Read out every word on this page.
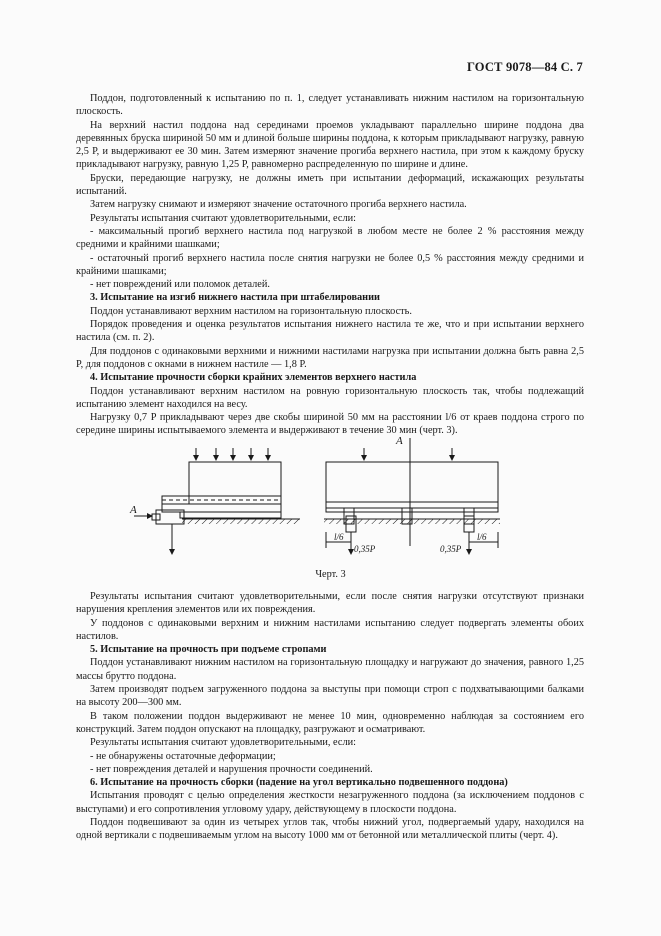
ГОСТ 9078—84 С. 7

Поддон, подготовленный к испытанию по п. 1, следует устанавливать нижним настилом на горизонтальную плоскость.

На верхний настил поддона над серединами проемов укладывают параллельно ширине поддона два деревянных бруска шириной 50 мм и длиной больше ширины поддона, к которым прикладывают нагрузку, равную 2,5 P, и выдерживают ее 30 мин. Затем измеряют значение прогиба верхнего настила, при этом к каждому бруску прикладывают нагрузку, равную 1,25 P, равномерно распределенную по ширине и длине.

Бруски, передающие нагрузку, не должны иметь при испытании деформаций, искажающих результаты испытаний.

Затем нагрузку снимают и измеряют значение остаточного прогиба верхнего настила.

Результаты испытания считают удовлетворительными, если:

- максимальный прогиб верхнего настила под нагрузкой в любом месте не более 2 % расстояния между средними и крайними шашками;

- остаточный прогиб верхнего настила после снятия нагрузки не более 0,5 % расстояния между средними и крайними шашками;

- нет повреждений или поломок деталей.

3. Испытание на изгиб нижнего настила при штабелировании

Поддон устанавливают верхним настилом на горизонтальную плоскость.

Порядок проведения и оценка результатов испытания нижнего настила те же, что и при испытании верхнего настила (см. п. 2).

Для поддонов с одинаковыми верхними и нижними настилами нагрузка при испытании должна быть равна 2,5 P, для поддонов с окнами в нижнем настиле — 1,8 P.

4. Испытание прочности сборки крайних элементов верхнего настила

Поддон устанавливают верхним настилом на ровную горизонтальную плоскость так, чтобы подлежащий испытанию элемент находился на весу.

Нагрузку 0,7 P прикладывают через две скобы шириной 50 мм на расстоянии l/6 от краев поддона строго по середине ширины испытываемого элемента и выдерживают в течение 30 мин (черт. 3).

A
A
l/6	l/6
0,35P	0,35P
Черт. 3

Результаты испытания считают удовлетворительными, если после снятия нагрузки отсутствуют признаки нарушения крепления элементов или их повреждения.

У поддонов с одинаковыми верхним и нижним настилами испытанию следует подвергать элементы обоих настилов.

5. Испытание на прочность при подъеме стропами

Поддон устанавливают нижним настилом на горизонтальную площадку и нагружают до значения, равного 1,25 массы брутто поддона.

Затем производят подъем загруженного поддона за выступы при помощи строп с подхватывающими балками на высоту 200—300 мм.

В таком положении поддон выдерживают не менее 10 мин, одновременно наблюдая за состоянием его конструкций. Затем поддон опускают на площадку, разгружают и осматривают.

Результаты испытания считают удовлетворительными, если:

- не обнаружены остаточные деформации;

- нет повреждения деталей и нарушения прочности соединений.

6. Испытание на прочность сборки (падение на угол вертикально подвешенного поддона)

Испытания проводят с целью определения жесткости незагруженного поддона (за исключением поддонов с выступами) и его сопротивления угловому удару, действующему в плоскости поддона.

Поддон подвешивают за один из четырех углов так, чтобы нижний угол, подвергаемый удару, находился на одной вертикали с подвешиваемым углом на высоту 1000 мм от бетонной или металлической плиты (черт. 4).
